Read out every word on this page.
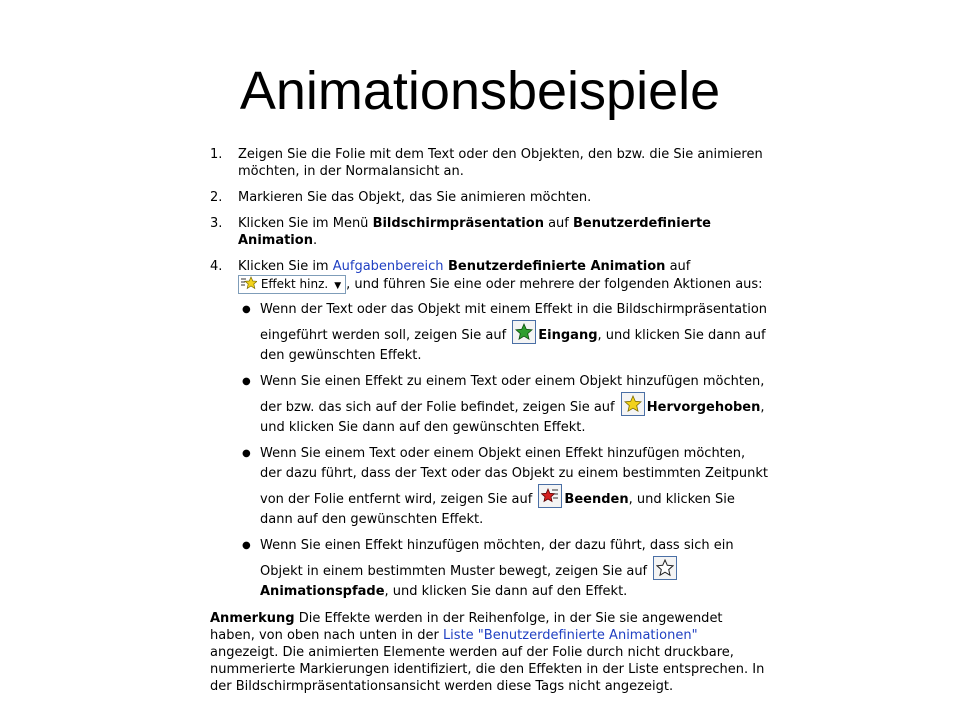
Animationsbeispiele
1. Zeigen Sie die Folie mit dem Text oder den Objekten, den bzw. die Sie animieren möchten, in der Normalansicht an.

2. Markieren Sie das Objekt, das Sie animieren möchten.

3. Klicken Sie im Menü Bildschirmpräsentation auf Benutzerdefinierte Animation.

4. Klicken Sie im Aufgabenbereich Benutzerdefinierte Animation auf
Effekt hinz. ▼ , und führen Sie eine oder mehrere der folgenden Aktionen aus:

● Wenn der Text oder das Objekt mit einem Effekt in die Bildschirmpräsentation eingeführt werden soll, zeigen Sie auf
Eingang, und klicken Sie dann auf den gewünschten Effekt.
● Wenn Sie einen Effekt zu einem Text oder einem Objekt hinzufügen möchten, der bzw. das sich auf der Folie befindet, zeigen Sie auf
Hervorgehoben, und klicken Sie dann auf den gewünschten Effekt.
● Wenn Sie einem Text oder einem Objekt einen Effekt hinzufügen möchten, der dazu führt, dass der Text oder das Objekt zu einem bestimmten Zeitpunkt von der Folie entfernt wird, zeigen Sie auf
Beenden, und klicken Sie dann auf den gewünschten Effekt.
● Wenn Sie einen Effekt hinzufügen möchten, der dazu führt, dass sich ein Objekt in einem bestimmten Muster bewegt, zeigen Sie auf
Animationspfade, und klicken Sie dann auf den Effekt.
Anmerkung Die Effekte werden in der Reihenfolge, in der Sie sie angewendet haben, von oben nach unten in der Liste "Benutzerdefinierte Animationen" angezeigt. Die animierten Elemente werden auf der Folie durch nicht druckbare, nummerierte Markierungen identifiziert, die den Effekten in der Liste entsprechen. In der Bildschirmpräsentationsansicht werden diese Tags nicht angezeigt.
